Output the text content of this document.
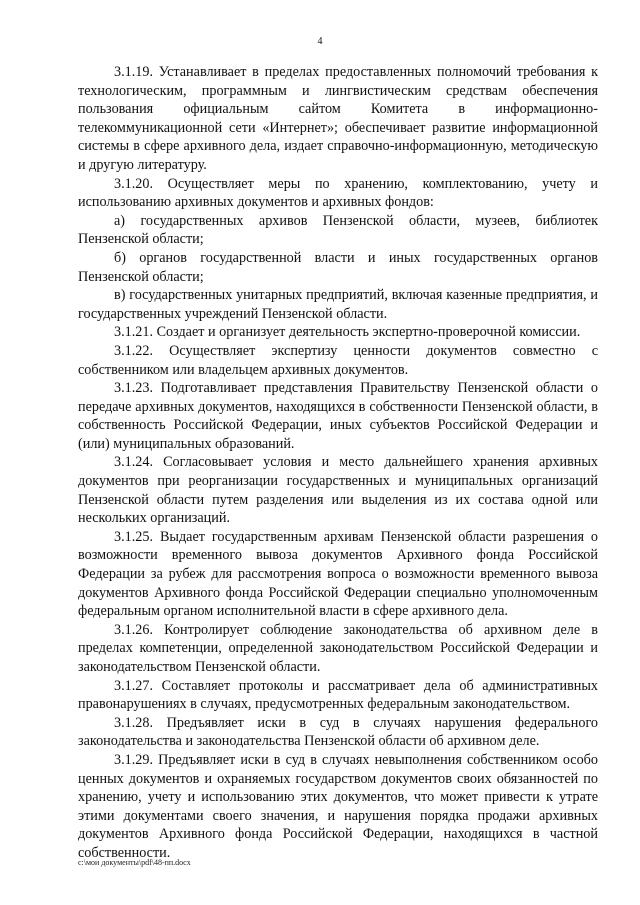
4

3.1.19. Устанавливает в пределах предоставленных полномочий требования к технологическим, программным и лингвистическим средствам обеспечения пользования официальным сайтом Комитета в информационно-телекоммуникационной сети «Интернет»; обеспечивает развитие информационной системы в сфере архивного дела, издает справочно-информационную, методическую и другую литературу.

3.1.20. Осуществляет меры по хранению, комплектованию, учету и использованию архивных документов и архивных фондов:

а) государственных архивов Пензенской области, музеев, библиотек Пензенской области;

б) органов государственной власти и иных государственных органов Пензенской области;

в) государственных унитарных предприятий, включая казенные предприятия, и государственных учреждений Пензенской области.

3.1.21. Создает и организует деятельность экспертно-проверочной комиссии.

3.1.22. Осуществляет экспертизу ценности документов совместно с собственником или владельцем архивных документов.

3.1.23. Подготавливает представления Правительству Пензенской области о передаче архивных документов, находящихся в собственности Пензенской области, в собственность Российской Федерации, иных субъектов Российской Федерации и (или) муниципальных образований.

3.1.24. Согласовывает условия и место дальнейшего хранения архивных документов при реорганизации государственных и муниципальных организаций Пензенской области путем разделения или выделения из их состава одной или нескольких организаций.

3.1.25. Выдает государственным архивам Пензенской области разрешения о возможности временного вывоза документов Архивного фонда Российской Федерации за рубеж для рассмотрения вопроса о возможности временного вывоза документов Архивного фонда Российской Федерации специально уполномоченным федеральным органом исполнительной власти в сфере архивного дела.

3.1.26. Контролирует соблюдение законодательства об архивном деле в пределах компетенции, определенной законодательством Российской Федерации и законодательством Пензенской области.

3.1.27. Составляет протоколы и рассматривает дела об административных правонарушениях в случаях, предусмотренных федеральным законодательством.

3.1.28. Предъявляет иски в суд в случаях нарушения федерального законодательства и законодательства Пензенской области об архивном деле.

3.1.29. Предъявляет иски в суд в случаях невыполнения собственником особо ценных документов и охраняемых государством документов своих обязанностей по хранению, учету и использованию этих документов, что может привести к утрате этими документами своего значения, и нарушения порядка продажи архивных документов Архивного фонда Российской Федерации, находящихся в частной собственности.

c:\мои документы\pdf\48-пп.docx
